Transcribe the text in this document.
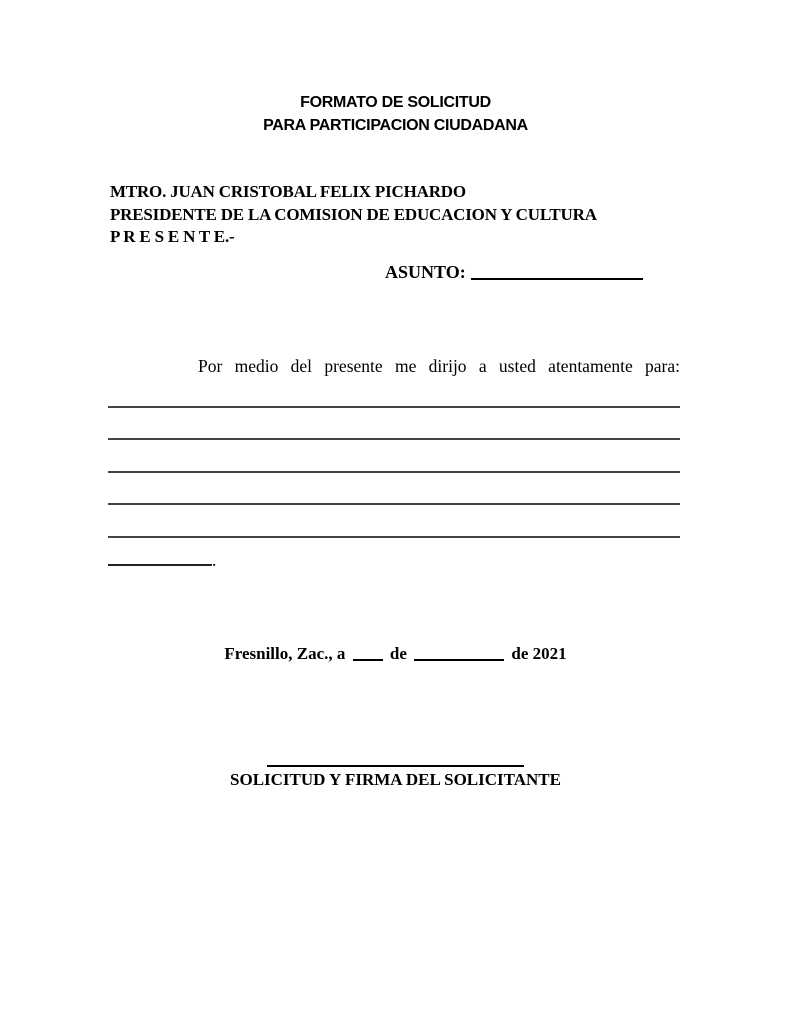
FORMATO DE SOLICITUD
PARA PARTICIPACION CIUDADANA
MTRO. JUAN CRISTOBAL FELIX PICHARDO
PRESIDENTE DE LA COMISION DE EDUCACION Y CULTURA
P R E S E N T E.-
ASUNTO:
Por medio del presente me dirijo a usted atentamente para:
.
Fresnillo, Zac., a	de	de 2021
SOLICITUD Y FIRMA DEL SOLICITANTE
